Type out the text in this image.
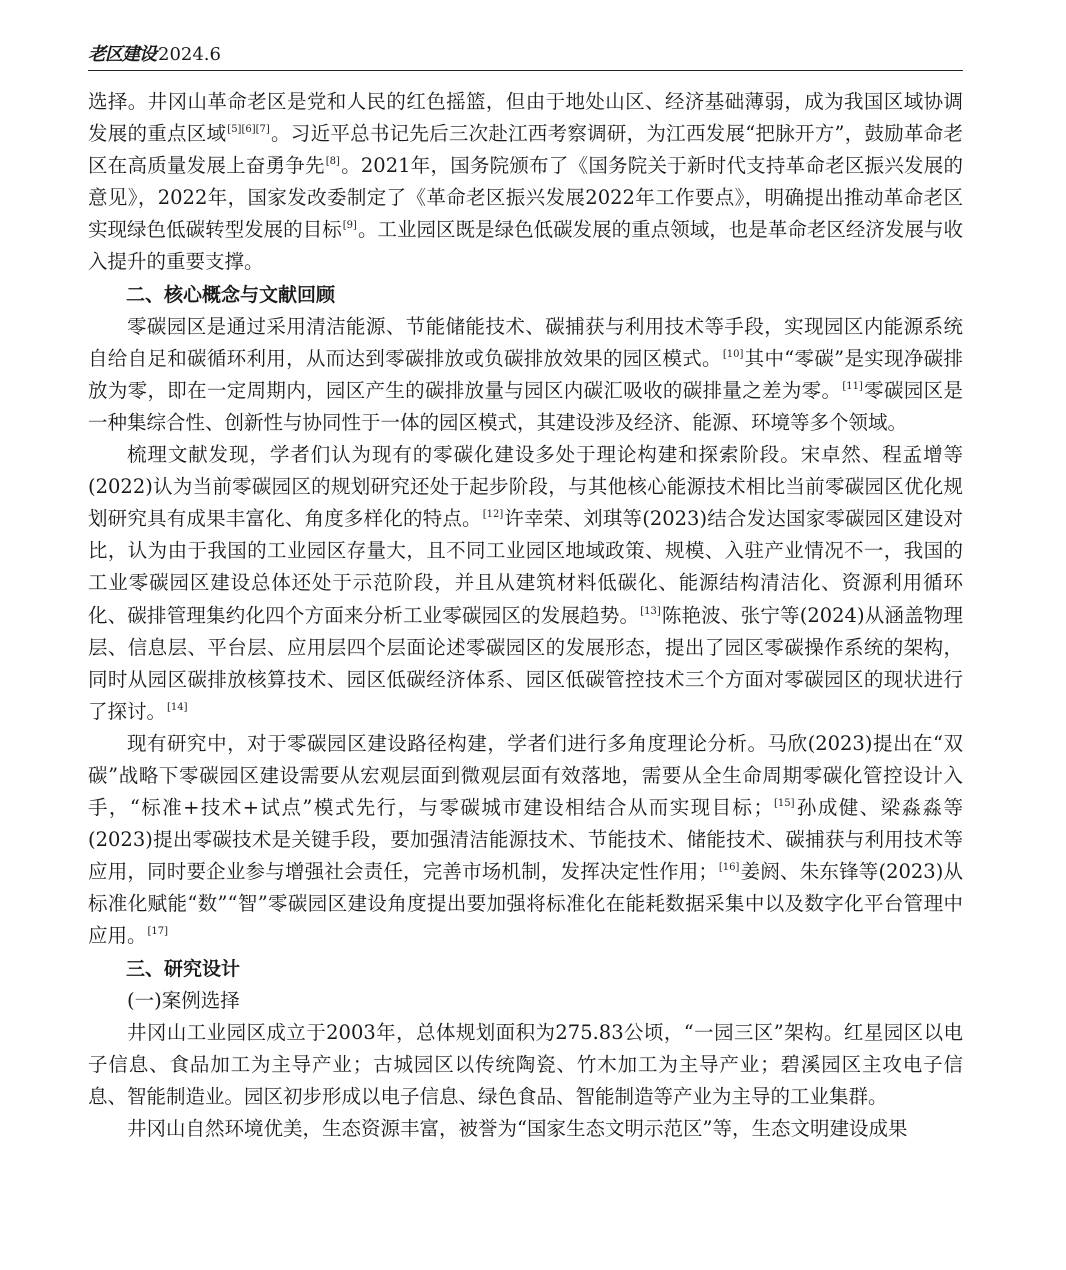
老区建设 2024.6

选择。井冈山革命老区是党和人民的红色摇篮，但由于地处山区、经济基础薄弱，成为我国区域协调发展的重点区域[5][6][7]。习近平总书记先后三次赴江西考察调研，为江西发展“把脉开方”，鼓励革命老区在高质量发展上奋勇争先[8]。2021年，国务院颁布了《国务院关于新时代支持革命老区振兴发展的意见》，2022年，国家发改委制定了《革命老区振兴发展2022年工作要点》，明确提出推动革命老区实现绿色低碳转型发展的目标[9]。工业园区既是绿色低碳发展的重点领域，也是革命老区经济发展与收入提升的重要支撑。

二、核心概念与文献回顾

零碳园区是通过采用清洁能源、节能储能技术、碳捕获与利用技术等手段，实现园区内能源系统自给自足和碳循环利用，从而达到零碳排放或负碳排放效果的园区模式。[10]其中“零碳”是实现净碳排放为零，即在一定周期内，园区产生的碳排放量与园区内碳汇吸收的碳排量之差为零。[11]零碳园区是一种集综合性、创新性与协同性于一体的园区模式，其建设涉及经济、能源、环境等多个领域。

梳理文献发现，学者们认为现有的零碳化建设多处于理论构建和探索阶段。宋卓然、程孟增等(2022)认为当前零碳园区的规划研究还处于起步阶段，与其他核心能源技术相比当前零碳园区优化规划研究具有成果丰富化、角度多样化的特点。[12]许幸荣、刘琪等(2023)结合发达国家零碳园区建设对比，认为由于我国的工业园区存量大，且不同工业园区地域政策、规模、入驻产业情况不一，我国的工业零碳园区建设总体还处于示范阶段，并且从建筑材料低碳化、能源结构清洁化、资源利用循环化、碳排管理集约化四个方面来分析工业零碳园区的发展趋势。[13]陈艳波、张宁等(2024)从涵盖物理层、信息层、平台层、应用层四个层面论述零碳园区的发展形态，提出了园区零碳操作系统的架构，同时从园区碳排放核算技术、园区低碳经济体系、园区低碳管控技术三个方面对零碳园区的现状进行了探讨。[14]

现有研究中，对于零碳园区建设路径构建，学者们进行多角度理论分析。马欣(2023)提出在“双碳”战略下零碳园区建设需要从宏观层面到微观层面有效落地，需要从全生命周期零碳化管控设计入手，“标准+技术+试点”模式先行，与零碳城市建设相结合从而实现目标；[15]孙成健、梁淼淼等(2023)提出零碳技术是关键手段，要加强清洁能源技术、节能技术、储能技术、碳捕获与利用技术等应用，同时要企业参与增强社会责任，完善市场机制，发挥决定性作用；[16]姜阏、朱东锋等(2023)从标准化赋能“数”“智”零碳园区建设角度提出要加强将标准化在能耗数据采集中以及数字化平台管理中应用。[17]

三、研究设计
(一)案例选择

井冈山工业园区成立于2003年，总体规划面积为275.83公顷，“一园三区”架构。红星园区以电子信息、食品加工为主导产业；古城园区以传统陶瓷、竹木加工为主导产业；碧溪园区主攻电子信息、智能制造业。园区初步形成以电子信息、绿色食品、智能制造等产业为主导的工业集群。

井冈山自然环境优美，生态资源丰富，被誉为“国家生态文明示范区”等，生态文明建设成果
